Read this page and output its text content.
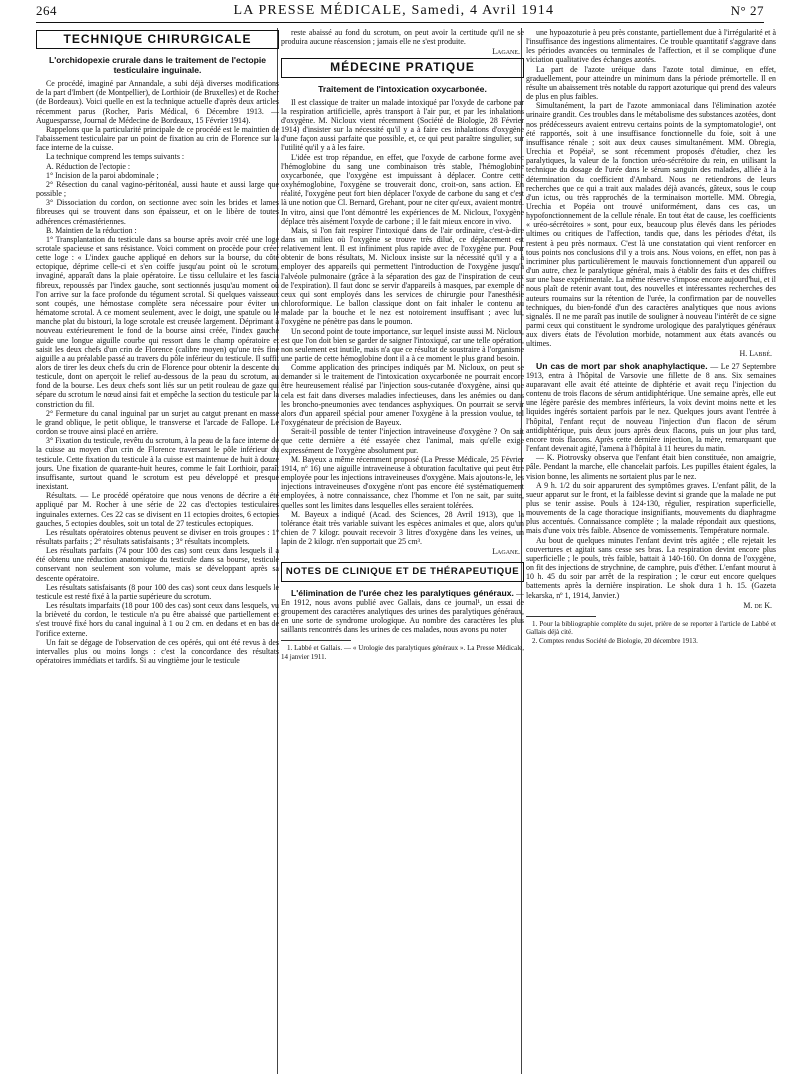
264	LA PRESSE MÉDICALE, Samedi, 4 Avril 1914	N° 27
TECHNIQUE CHIRURGICALE
L'orchidopexie crurale dans le traitement de l'ectopie testiculaire inguinale.

Ce procédé, imaginé par Annandale, a subi déjà diverses modifications de la part d'Imbert (de Montpellier), de Lorthioir (de Bruxelles) et de Rocher (de Bordeaux). Voici quelle en est la technique actuelle d'après deux articles récemment parus (Rocher, Paris Médical, 6 Décembre 1913. — Auguesparsse, Journal de Médecine de Bordeaux, 15 Février 1914).

Rappelons que la particularité principale de ce procédé est le maintien de l'abaissement testiculaire par un point de fixation au crin de Florence sur la face interne de la cuisse.

La technique comprend les temps suivants :

A. Réduction de l'ectopie :

1° Incision de la paroi abdominale ;

2° Résection du canal vagino-péritonéal, aussi haute et aussi large que possible ;

3° Dissociation du cordon, on sectionne avec soin les brides et lames fibreuses qui se trouvent dans son épaisseur, et on le libère de toutes adhérences crémastériennes.

B. Maintien de la réduction :

1° Transplantation du testicule dans sa bourse après avoir créé une loge scrotale spacieuse et sans résistance. Voici comment on procède pour créer cette loge : « L'index gauche appliqué en dehors sur la bourse, du côté ectopique, déprime celle-ci et s'en coiffe jusqu'au point où le scrotum, invaginé, apparaît dans la plaie opératoire. Le tissu cellulaire et les fascia fibreux, repoussés par l'index gauche, sont sectionnés jusqu'au moment où l'on arrive sur la face profonde du tégument scrotal. Si quelques vaisseaux sont coupés, une hémostase complète sera nécessaire pour éviter un hématome scrotal. A ce moment seulement, avec le doigt, une spatule ou le manche plat du bistouri, la loge scrotale est creusée largement. Déprimant à nouveau extérieurement le fond de la bourse ainsi créée, l'index gauche guide une longue aiguille courbe qui ressort dans le champ opératoire et saisit les deux chefs d'un crin de Florence (calibre moyen) qu'une très fine aiguille a au préalable passé au travers du pôle inférieur du testicule. Il suffit alors de tirer les deux chefs du crin de Florence pour obtenir la descente du testicule, dont on aperçoit le relief au-dessous de la peau du scrotum, au fond de la bourse. Les deux chefs sont liés sur un petit rouleau de gaze qui sépare du scrotum le nœud ainsi fait et empêche la section du testicule par la constriction du fil.

2° Fermeture du canal inguinal par un surjet au catgut prenant en masse le grand oblique, le petit oblique, le transverse et l'arcade de Fallope. Le cordon se trouve ainsi placé en arrière.

3° Fixation du testicule, revêtu du scrotum, à la peau de la face interne de la cuisse au moyen d'un crin de Florence traversant le pôle inférieur du testicule. Cette fixation du testicule à la cuisse est maintenue de huit à douze jours. Une fixation de quarante-huit heures, comme le fait Lorthioir, paraît insuffisante, surtout quand le scrotum est peu développé et presque inexistant.

Résultats. — Le procédé opératoire que nous venons de décrire a été appliqué par M. Rocher à une série de 22 cas d'ectopies testiculaires inguinales externes. Ces 22 cas se divisent en 11 ectopies droites, 6 ectopies gauches, 5 ectopies doubles, soit un total de 27 testicules ectopiques.

Les résultats opératoires obtenus peuvent se diviser en trois groupes : 1° résultats parfaits ; 2° résultats satisfaisants ; 3° résultats incomplets.

Les résultats parfaits (74 pour 100 des cas) sont ceux dans lesquels il a été obtenu une réduction anatomique du testicule dans sa bourse, testicule conservant non seulement son volume, mais se développant après sa descente opératoire.

Les résultats satisfaisants (8 pour 100 des cas) sont ceux dans lesquels le testicule est resté fixé à la partie supérieure du scrotum.

Les résultats imparfaits (18 pour 100 des cas) sont ceux dans lesquels, vu la brièveté du cordon, le testicule n'a pu être abaissé que partiellement et s'est trouvé fixé hors du canal inguinal à 1 ou 2 cm. en dedans et en bas de l'orifice externe.

Un fait se dégage de l'observation de ces opérés, qui ont été revus à des intervalles plus ou moins longs : c'est la concordance des résultats opératoires immédiats et tardifs. Si au vingtième jour le testicule

reste abaissé au fond du scrotum, on peut avoir la certitude qu'il ne se produira aucune réascension ; jamais elle ne s'est produite.

Lagane.

MÉDECINE PRATIQUE
Traitement de l'intoxication oxycarbonée.

Il est classique de traiter un malade intoxiqué par l'oxyde de carbone par la respiration artificielle, après transport à l'air pur, et par les inhalations d'oxygène. M. Nicloux vient récemment (Société de Biologie, 28 Février 1914) d'insister sur la nécessité qu'il y a à faire ces inhalations d'oxygène d'une façon aussi parfaite que possible, et, ce qui peut paraître singulier, sur l'utilité qu'il y a à les faire.

L'idée est trop répandue, en effet, que l'oxyde de carbone forme avec l'hémoglobine du sang une combinaison très stable, l'hémoglobine oxycarbonée, que l'oxygène est impuissant à déplacer. Contre cette oxyhémoglobine, l'oxygène se trouverait donc, croit-on, sans action. En réalité, l'oxygène peut fort bien déplacer l'oxyde de carbone du sang et c'est là une notion que Cl. Bernard, Grehant, pour ne citer qu'eux, avaient montré. In vitro, ainsi que l'ont démontré les expériences de M. Nicloux, l'oxygène déplace très aisément l'oxyde de carbone ; il le fait mieux encore in vivo.

Mais, si l'on fait respirer l'intoxiqué dans de l'air ordinaire, c'est-à-dire dans un milieu où l'oxygène se trouve très dilué, ce déplacement est relativement lent. Il est infiniment plus rapide avec de l'oxygène pur. Pour obtenir de bons résultats, M. Nicloux insiste sur la nécessité qu'il y a à employer des appareils qui permettent l'introduction de l'oxygène jusqu'à l'alvéole pulmonaire (grâce à la séparation des gaz de l'inspiration de ceux de l'expiration). Il faut donc se servir d'appareils à masques, par exemple de ceux qui sont employés dans les services de chirurgie pour l'anesthésie chloroformique. Le ballon classique dont on fait inhaler le contenu au malade par la bouche et le nez est notoirement insuffisant ; avec lui, l'oxygène ne pénètre pas dans le poumon.

Un second point de toute importance, sur lequel insiste aussi M. Nicloux, est que l'on doit bien se garder de saigner l'intoxiqué, car une telle opération, non seulement est inutile, mais n'a que ce résultat de soustraire à l'organisme une partie de cette hémoglobine dont il a à ce moment le plus grand besoin.

Comme application des principes indiqués par M. Nicloux, on peut se demander si le traitement de l'intoxication oxycarbonée ne pourrait encore être heureusement réalisé par l'injection sous-cutanée d'oxygène, ainsi que cela est fait dans diverses maladies infectieuses, dans les anémies ou dans les broncho-pneumonies avec tendances asphyxiques. On pourrait se servir alors d'un appareil spécial pour amener l'oxygène à la pression voulue, tel l'oxygénateur de précision de Bayeux.

Serait-il possible de tenter l'injection intraveineuse d'oxygène ? On sait que cette dernière a été essayée chez l'animal, mais qu'elle exige expressément de l'oxygène absolument pur.

M. Bayeux a même récemment proposé (La Presse Médicale, 25 Février 1914, nº 16) une aiguille intraveineuse à obturation facultative qui peut être employée pour les injections intraveineuses d'oxygène. Mais ajoutons-le, les injections intraveineuses d'oxygène n'ont pas encore été systématiquement employées, à notre connaissance, chez l'homme et l'on ne sait, par suite, quelles sont les limites dans lesquelles elles seraient tolérées.

M. Bayeux a indiqué (Acad. des Sciences, 28 Avril 1913), que la tolérance était très variable suivant les espèces animales et que, alors qu'un chien de 7 kilogr. pouvait recevoir 3 litres d'oxygène dans les veines, un lapin de 2 kilogr. n'en supportait que 25 cm³.

Lagane.

NOTES DE CLINIQUE ET DE THÉRAPEUTIQUE

L'élimination de l'urée chez les paralytiques généraux. — En 1912, nous avons publié avec Gallais, dans ce journal¹, un essai de groupement des caractères analytiques des urines des paralytiques généraux, en une sorte de syndrome urologique. Au nombre des caractères les plus saillants rencontrés dans les urines de ces malades, nous avons pu noter

1. Labbé et Gallais. — « Urologie des paralytiques généraux ». La Presse Médicale, 14 janvier 1911.

une hypoazoturie à peu près constante, partiellement due à l'irrégularité et à l'insuffisance des ingestions alimentaires. Ce trouble quantitatif s'aggrave dans les périodes avancées ou terminales de l'affection, et il se complique d'une viciation qualitative des échanges azotés.

La part de l'azote uréique dans l'azote total diminue, en effet, graduellement, pour atteindre un minimum dans la période prémortelle. Il en résulte un abaissement très notable du rapport azoturique qui prend des valeurs de plus en plus faibles.

Simultanément, la part de l'azote ammoniacal dans l'élimination azotée urinaire grandit. Ces troubles dans le métabolisme des substances azotées, dont nos prédécesseurs avaient entrevu certains points de la symptomatologie¹, ont été rapportés, soit à une insuffisance fonctionnelle du foie, soit à une insuffisance rénale ; soit aux deux causes simultanément. MM. Obregia, Urechia et Popéia², se sont récemment proposés d'étudier, chez les paralytiques, la valeur de la fonction uréo-sécrétoire du rein, en utilisant la technique du dosage de l'urée dans le sérum sanguin des malades, alliée à la détermination du coefficient d'Ambard. Nous ne retiendrons de leurs recherches que ce qui a trait aux malades déjà avancés, gâteux, sous le coup d'un ictus, ou très rapprochés de la terminaison mortelle. MM. Obregia, Urechia et Popéia ont trouvé uniformément, dans ces cas, un hypofonctionnement de la cellule rénale. En tout état de cause, les coefficients « uréo-sécrétoires » sont, pour eux, beaucoup plus élevés dans les périodes ultimes ou critiques de l'affection, tandis que, dans les périodes d'état, ils restent à peu près normaux. C'est là une constatation qui vient renforcer en tous points nos conclusions d'il y a trois ans. Nous voions, en effet, non pas à incriminer plus particulièrement le mauvais fonctionnement d'un appareil ou d'un autre, chez le paralytique général, mais à établir des faits et des chiffres sur une base expérimentale. La même réserve s'impose encore aujourd'hui, et il nous plaît de retenir avant tout, des nouvelles et intéressantes recherches des auteurs roumains sur la rétention de l'urée, la confirmation par de nouvelles techniques, du bien-fondé d'un des caractères analytiques que nous avions signalés. Il ne me paraît pas inutile de souligner à nouveau l'intérêt de ce signe parmi ceux qui constituent le syndrome urologique des paralytiques généraux aux divers états de l'évolution morbide, notamment aux états avancés ou ultimes.

H. Labbé.

Un cas de mort par shok anaphylactique. — Le 27 Septembre 1913, entra à l'hôpital de Varsovie une fillette de 8 ans. Six semaines auparavant elle avait été atteinte de diphtérie et avait reçu l'injection du contenu de trois flacons de sérum antidiphtérique. Une semaine après, elle eut une légère parésie des membres inférieurs, la voix devint moins nette et les liquides ingérés sortaient parfois par le nez. Quelques jours avant l'entrée à l'hôpital, l'enfant reçut de nouveau l'injection d'un flacon de sérum antidiphtérique, puis deux jours après deux flacons, puis un jour plus tard, encore trois flacons. Après cette dernière injection, la mère, remarquant que l'enfant devenait agité, l'amena à l'hôpital à 11 heures du matin.

— K. Piotrovsky observa que l'enfant était bien constituée, non amaigrie, pâle. Pendant la marche, elle chancelait parfois. Les pupilles étaient égales, la vision bonne, les aliments ne sortaient plus par le nez.

A 9 h. 1/2 du soir apparurent des symptômes graves. L'enfant pâlit, de la sueur apparut sur le front, et la faiblesse devint si grande que la malade ne put plus se tenir assise. Pouls à 124-130, régulier, respiration superficielle, mouvements de la cage thoracique insignifiants, mouvements du diaphragme plus accentués. Connaissance complète ; la malade répondait aux questions, mais d'une voix très faible. Absence de vomissements. Température normale.

Au bout de quelques minutes l'enfant devint très agitée ; elle rejetait les couvertures et agitait sans cesse ses bras. La respiration devint encore plus superficielle ; le pouls, très faible, battait à 140-160. On donna de l'oxygène, on fit des injections de strychnine, de camphre, puis d'éther. L'enfant mourut à 10 h. 45 du soir par arrêt de la respiration ; le cœur eut encore quelques battements après la dernière inspiration. Le shok dura 1 h. 15. (Gazeta lekarska, nº 1, 1914, Janvier.)

M. de K.

1. Pour la bibliographie complète du sujet, prière de se reporter à l'article de Labbé et Gallais déjà cité.

2. Comptes rendus Société de Biologie, 20 décembre 1913.
